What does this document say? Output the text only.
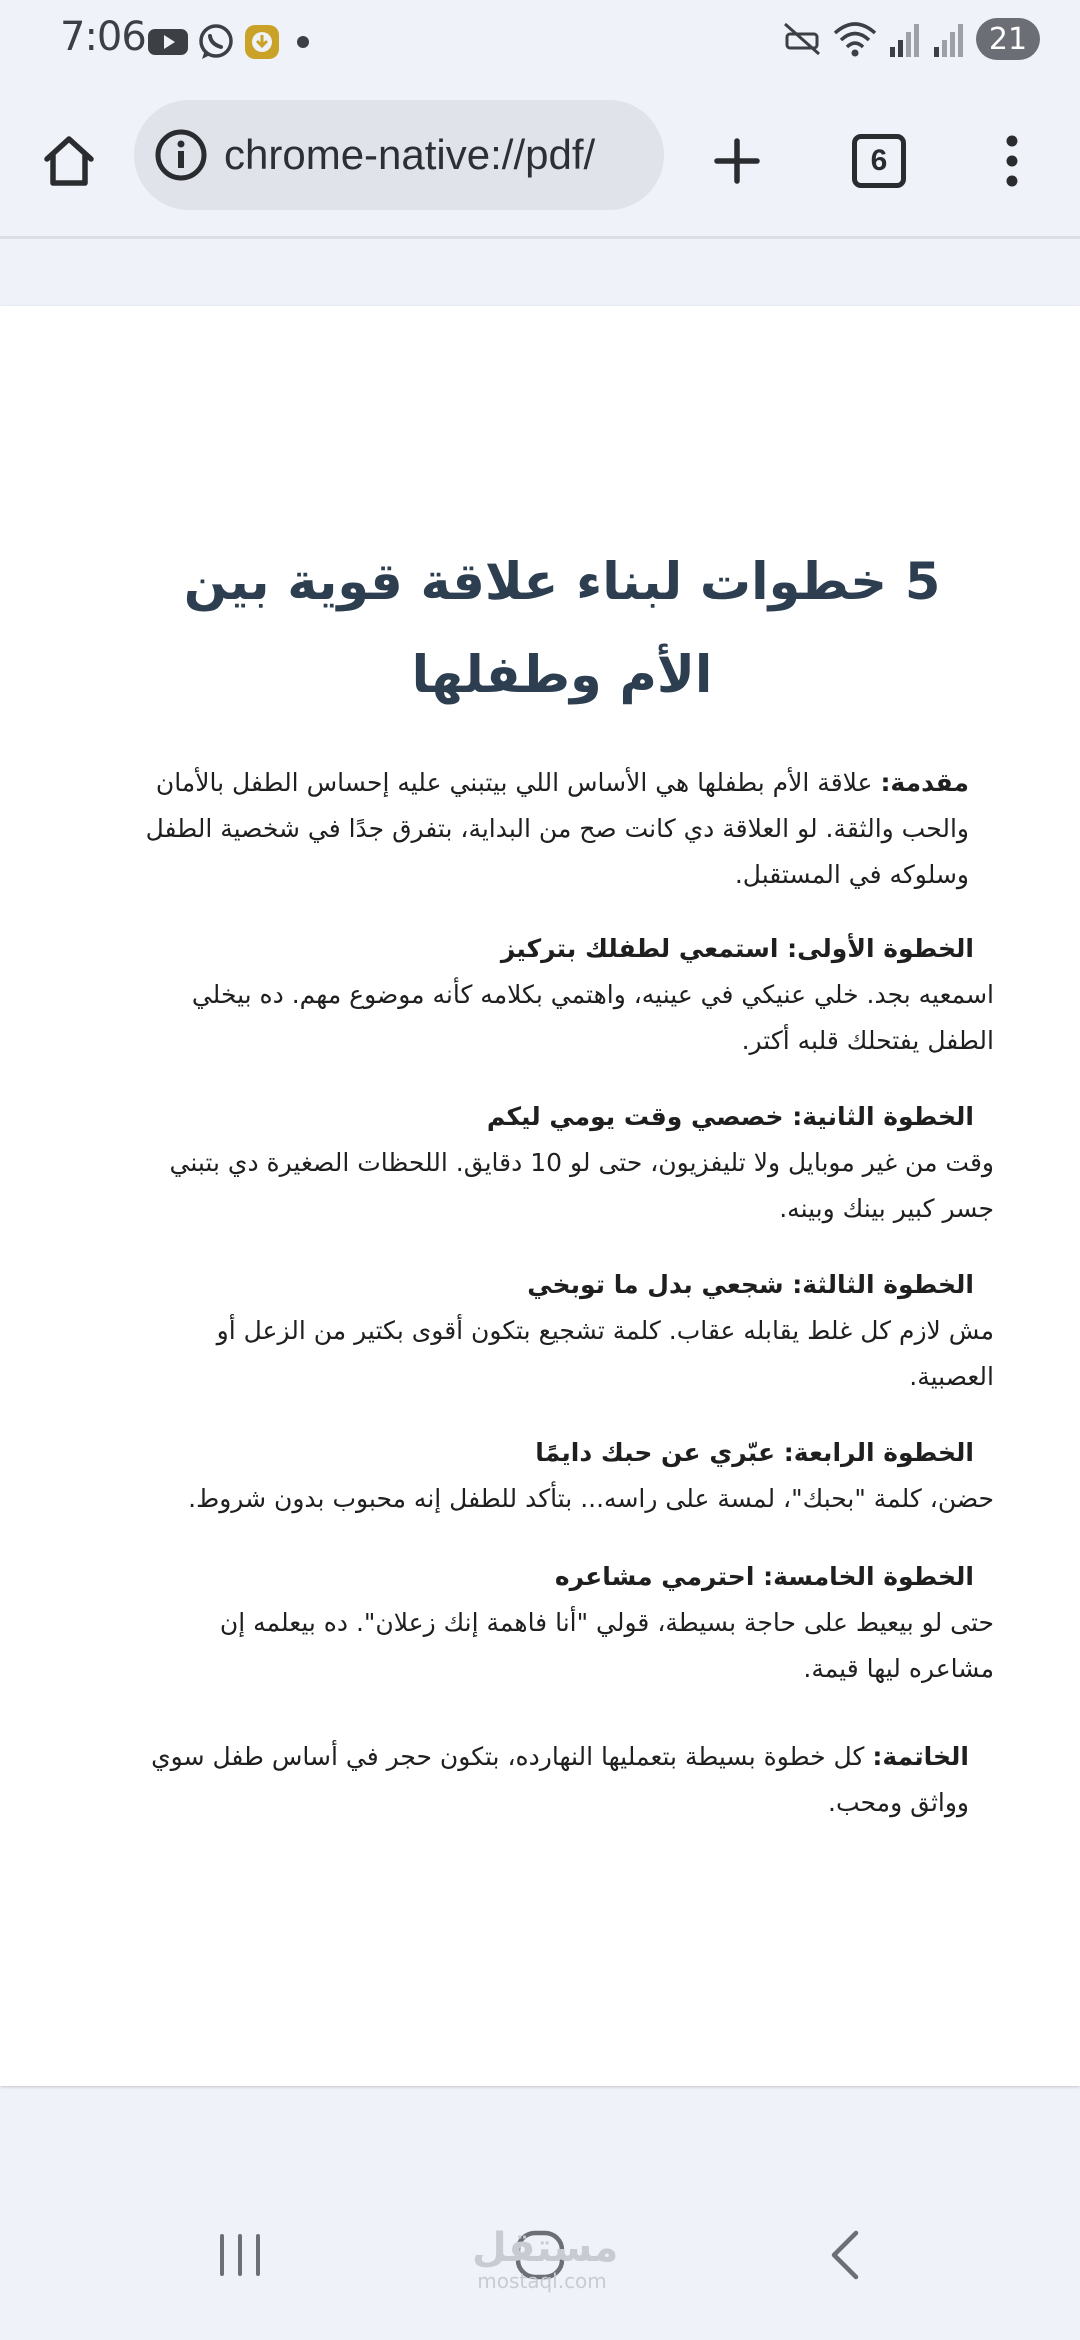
7:06	21
chrome-native://pdf/	6
5 خطوات لبناء علاقة قوية بين الأم وطفلها

مقدمة: علاقة الأم بطفلها هي الأساس اللي بيتبني عليه إحساس الطفل بالأمان والحب والثقة. لو العلاقة دي كانت صح من البداية، بتفرق جدًا في شخصية الطفل وسلوكه في المستقبل.

الخطوة الأولى: استمعي لطفلك بتركيز

اسمعيه بجد. خلي عنيكي في عينيه، واهتمي بكلامه كأنه موضوع مهم. ده بيخلي الطفل يفتحلك قلبه أكتر.

الخطوة الثانية: خصصي وقت يومي ليكم

وقت من غير موبايل ولا تليفزيون، حتى لو 10 دقايق. اللحظات الصغيرة دي بتبني جسر كبير بينك وبينه.

الخطوة الثالثة: شجعي بدل ما توبخي

مش لازم كل غلط يقابله عقاب. كلمة تشجيع بتكون أقوى بكتير من الزعل أو العصبية.

الخطوة الرابعة: عبّري عن حبك دايمًا

حضن، كلمة "بحبك"، لمسة على راسه... بتأكد للطفل إنه محبوب بدون شروط.

الخطوة الخامسة: احترمي مشاعره

حتى لو بيعيط على حاجة بسيطة، قولي "أنا فاهمة إنك زعلان". ده بيعلمه إن مشاعره ليها قيمة.

الخاتمة: كل خطوة بسيطة بتعمليها النهارده، بتكون حجر في أساس طفل سوي وواثق ومحب.

مستقل
mostaql.com
